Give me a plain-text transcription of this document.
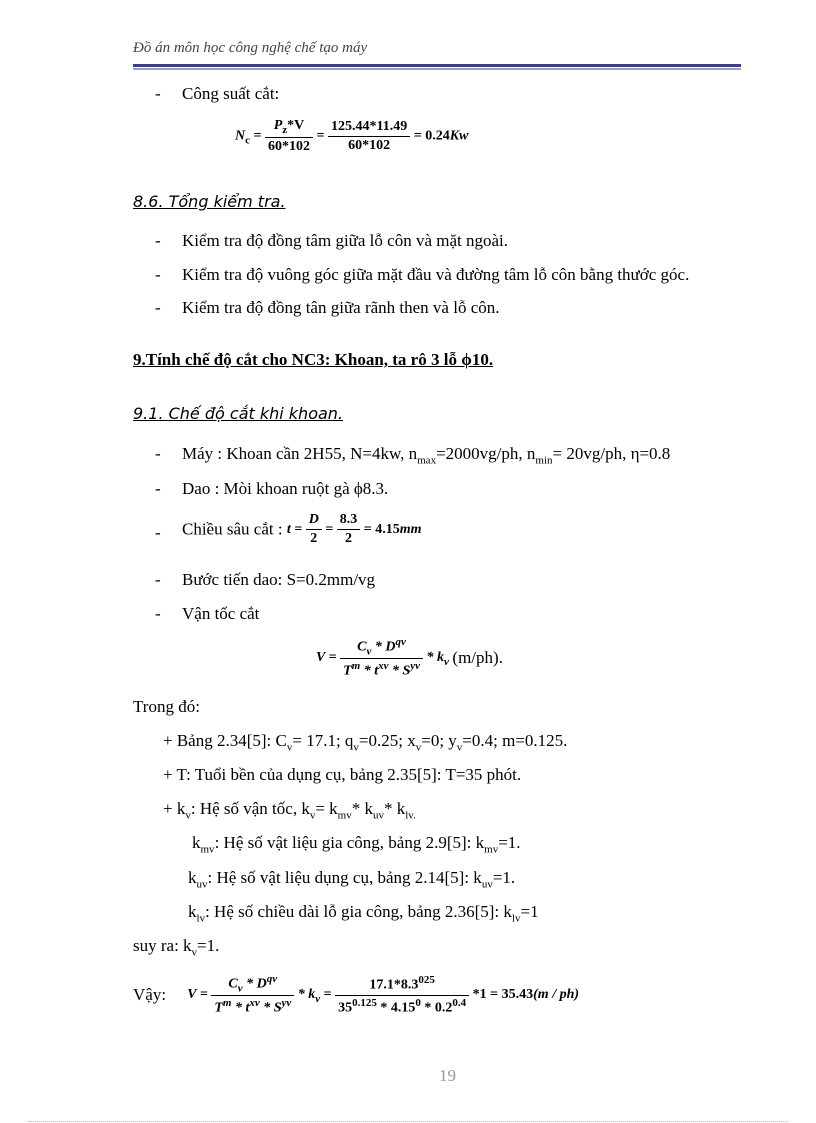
Đồ án môn học công nghệ chế tạo máy
- Công suất cắt:
$N_c = \frac{P_z*V}{60*102} = \frac{125.44*11.49}{60*102} = 0.24Kw$
8.6. Tổng kiểm tra.
- Kiểm tra độ đồng tâm giữa lỗ côn và mặt ngoài.
- Kiểm tra độ vuông góc giữa mặt đầu và đường tâm lỗ côn bằng thước góc.
- Kiểm tra độ đồng tân giữa rãnh then và lỗ côn.
9.Tính chế độ cắt cho NC3: Khoan, ta rô 3 lỗ ϕ10.
9.1. Chế độ cắt khi khoan.
- Máy : Khoan cần 2H55, N=4kw, $n_{max}=2000vg/ph$, $n_{min}= 20vg/ph$, η=0.8
- Dao : Mòi khoan ruột gà ϕ8.3.
- Chiều sâu cắt : $t = \frac{D}{2} = \frac{8.3}{2} = 4.15mm$
- Bước tiến dao: S=0.2mm/vg
- Vận tốc cắt
$V = \frac{C_v * D^{qv}}{T^m * t^{xv} * S^{yv}} * k_v$ (m/ph).
Trong đó:
+ Bảng 2.34[5]: $C_v= 17.1$; $q_v=0.25$; $x_v=0$; $y_v=0.4$; m=0.125.
+ T: Tuổi bền của dụng cụ, bảng 2.35[5]: T=35 phót.
+ $k_v$: Hệ số vận tốc, $k_v= k_{mv}*$ $k_{uv}*$ $k_{lv.}$
$k_{mv}$: Hệ số vật liệu gia công, bảng 2.9[5]: $k_{mv}=1$.
$k_{uv}$: Hệ số vật liệu dụng cụ, bảng 2.14[5]: $k_{uv}=1$.
$k_{lv}$: Hệ số chiều dài lỗ gia công, bảng 2.36[5]: $k_{lv}=1$
suy ra: $k_v=1$.
Vậy: $V = \frac{C_v * D^{qv}}{T^m * t^{xv} * S^{yv}} * k_v = \frac{17.1*8.3^{025}}{35^{0.125} * 4.15^0 * 0.2^{0.4}} *1 = 35.43(m / ph)$
19
